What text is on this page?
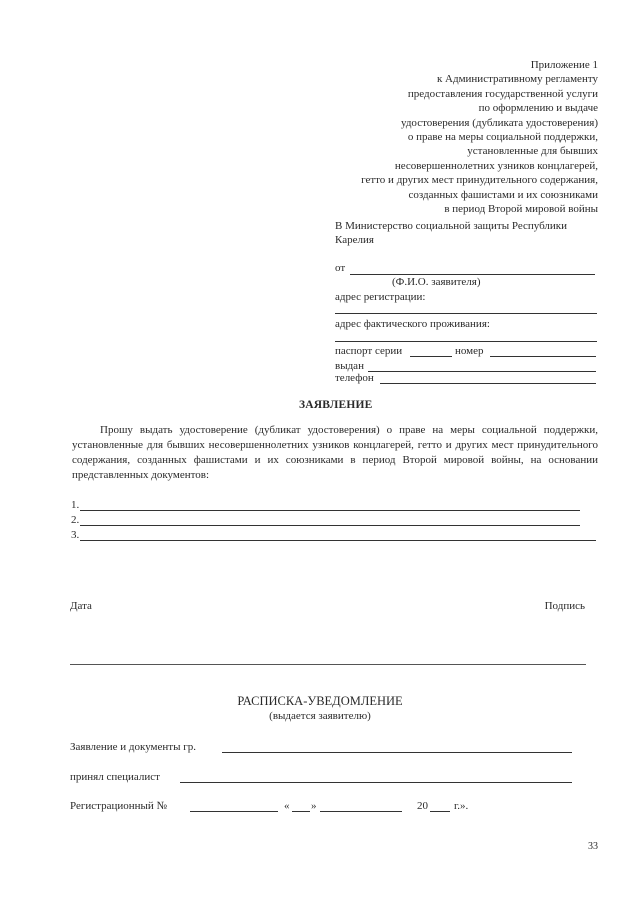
Приложение 1
к Административному регламенту
предоставления государственной услуги
по оформлению и выдаче
удостоверения (дубликата удостоверения)
о праве на меры социальной поддержки,
установленные для бывших
несовершеннолетних узников концлагерей,
гетто и других мест принудительного содержания,
созданных фашистами и их союзниками
в период Второй мировой войны
В Министерство социальной защиты Республики
Карелия
от
(Ф.И.О. заявителя)
адрес регистрации:
адрес фактического проживания:
паспорт серии	номер
выдан
телефон
ЗАЯВЛЕНИЕ

Прошу выдать удостоверение (дубликат удостоверения) о праве на меры социальной поддержки, установленные для бывших несовершеннолетних узников концлагерей, гетто и других мест принудительного содержания, созданных фашистами и их союзниками в период Второй мировой войны, на основании представленных документов:

1.
2.
3.
Дата	Подпись
РАСПИСКА-УВЕДОМЛЕНИЕ
(выдается заявителю)
Заявление и документы гр.
принял специалист
Регистрационный №	« »	20 г.».
33
